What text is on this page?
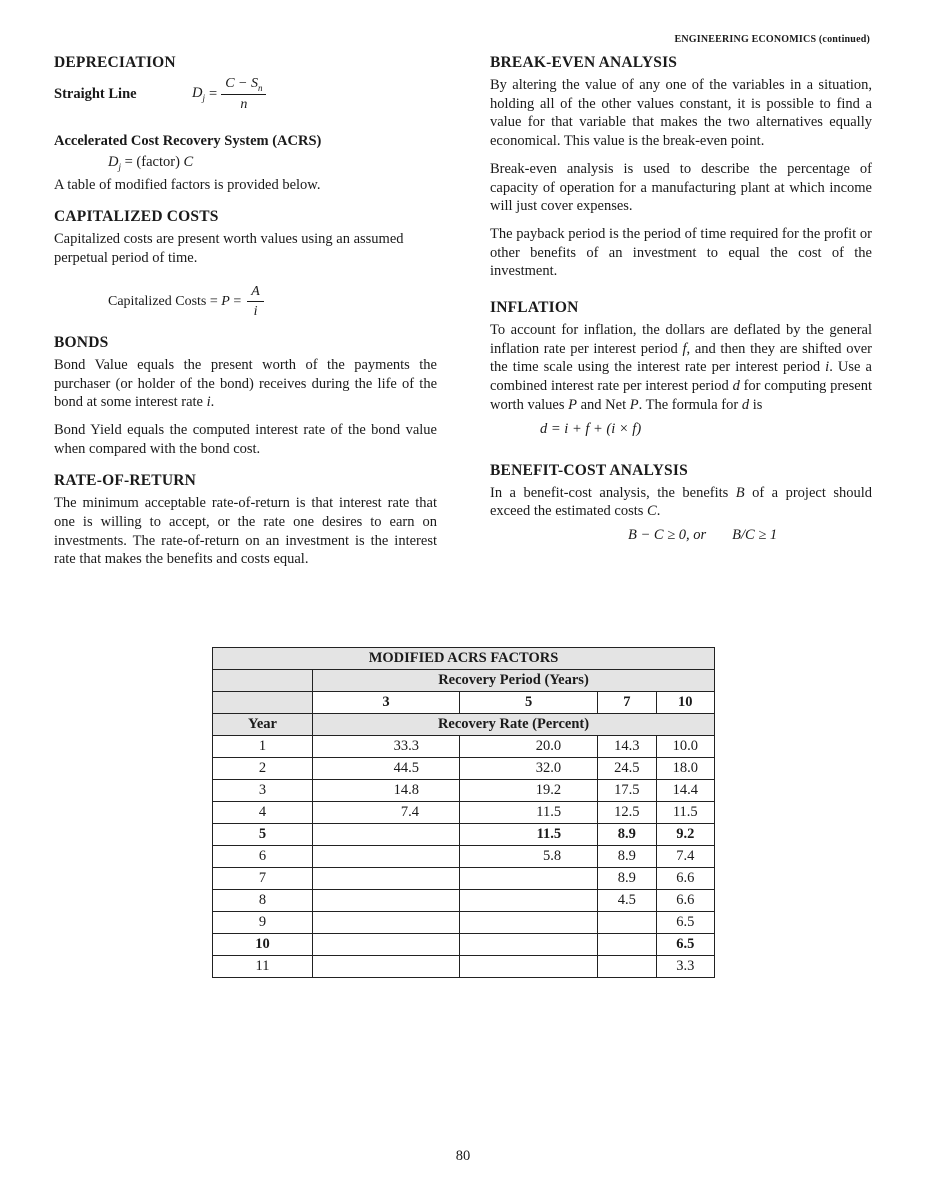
ENGINEERING ECONOMICS (continued)
DEPRECIATION
Straight Line	$D_j = \frac{C - S_n}{n}$
Accelerated Cost Recovery System (ACRS)
$D_j$ = (factor) C

A table of modified factors is provided below.

CAPITALIZED COSTS

Capitalized costs are present worth values using an assumed perpetual period of time.

Capitalized Costs = $P = \frac{A}{i}$
BONDS

Bond Value equals the present worth of the payments the purchaser (or holder of the bond) receives during the life of the bond at some interest rate i.

Bond Yield equals the computed interest rate of the bond value when compared with the bond cost.

RATE-OF-RETURN

The minimum acceptable rate-of-return is that interest rate that one is willing to accept, or the rate one desires to earn on investments. The rate-of-return on an investment is the interest rate that makes the benefits and costs equal.

BREAK-EVEN ANALYSIS

By altering the value of any one of the variables in a situation, holding all of the other values constant, it is possible to find a value for that variable that makes the two alternatives equally economical. This value is the break-even point.

Break-even analysis is used to describe the percentage of capacity of operation for a manufacturing plant at which income will just cover expenses.

The payback period is the period of time required for the profit or other benefits of an investment to equal the cost of the investment.

INFLATION

To account for inflation, the dollars are deflated by the general inflation rate per interest period f, and then they are shifted over the time scale using the interest rate per interest period i. Use a combined interest rate per interest period d for computing present worth values P and Net P. The formula for d is

d = i + f + (i × f)
BENEFIT-COST ANALYSIS

In a benefit-cost analysis, the benefits B of a project should exceed the estimated costs C.

B − C ≥ 0, or B/C ≥ 1
MODIFIED ACRS FACTORS				
	Recovery Period (Years)			
	3	5	7	10
Year	Recovery Rate (Percent)			
1	33.3	20.0	14.3	10.0
2	44.5	32.0	24.5	18.0
3	14.8	19.2	17.5	14.4
4	7.4	11.5	12.5	11.5
5		11.5	8.9	9.2
6		5.8	8.9	7.4
7			8.9	6.6
8			4.5	6.6
9				6.5
10				6.5
11				3.3
80
